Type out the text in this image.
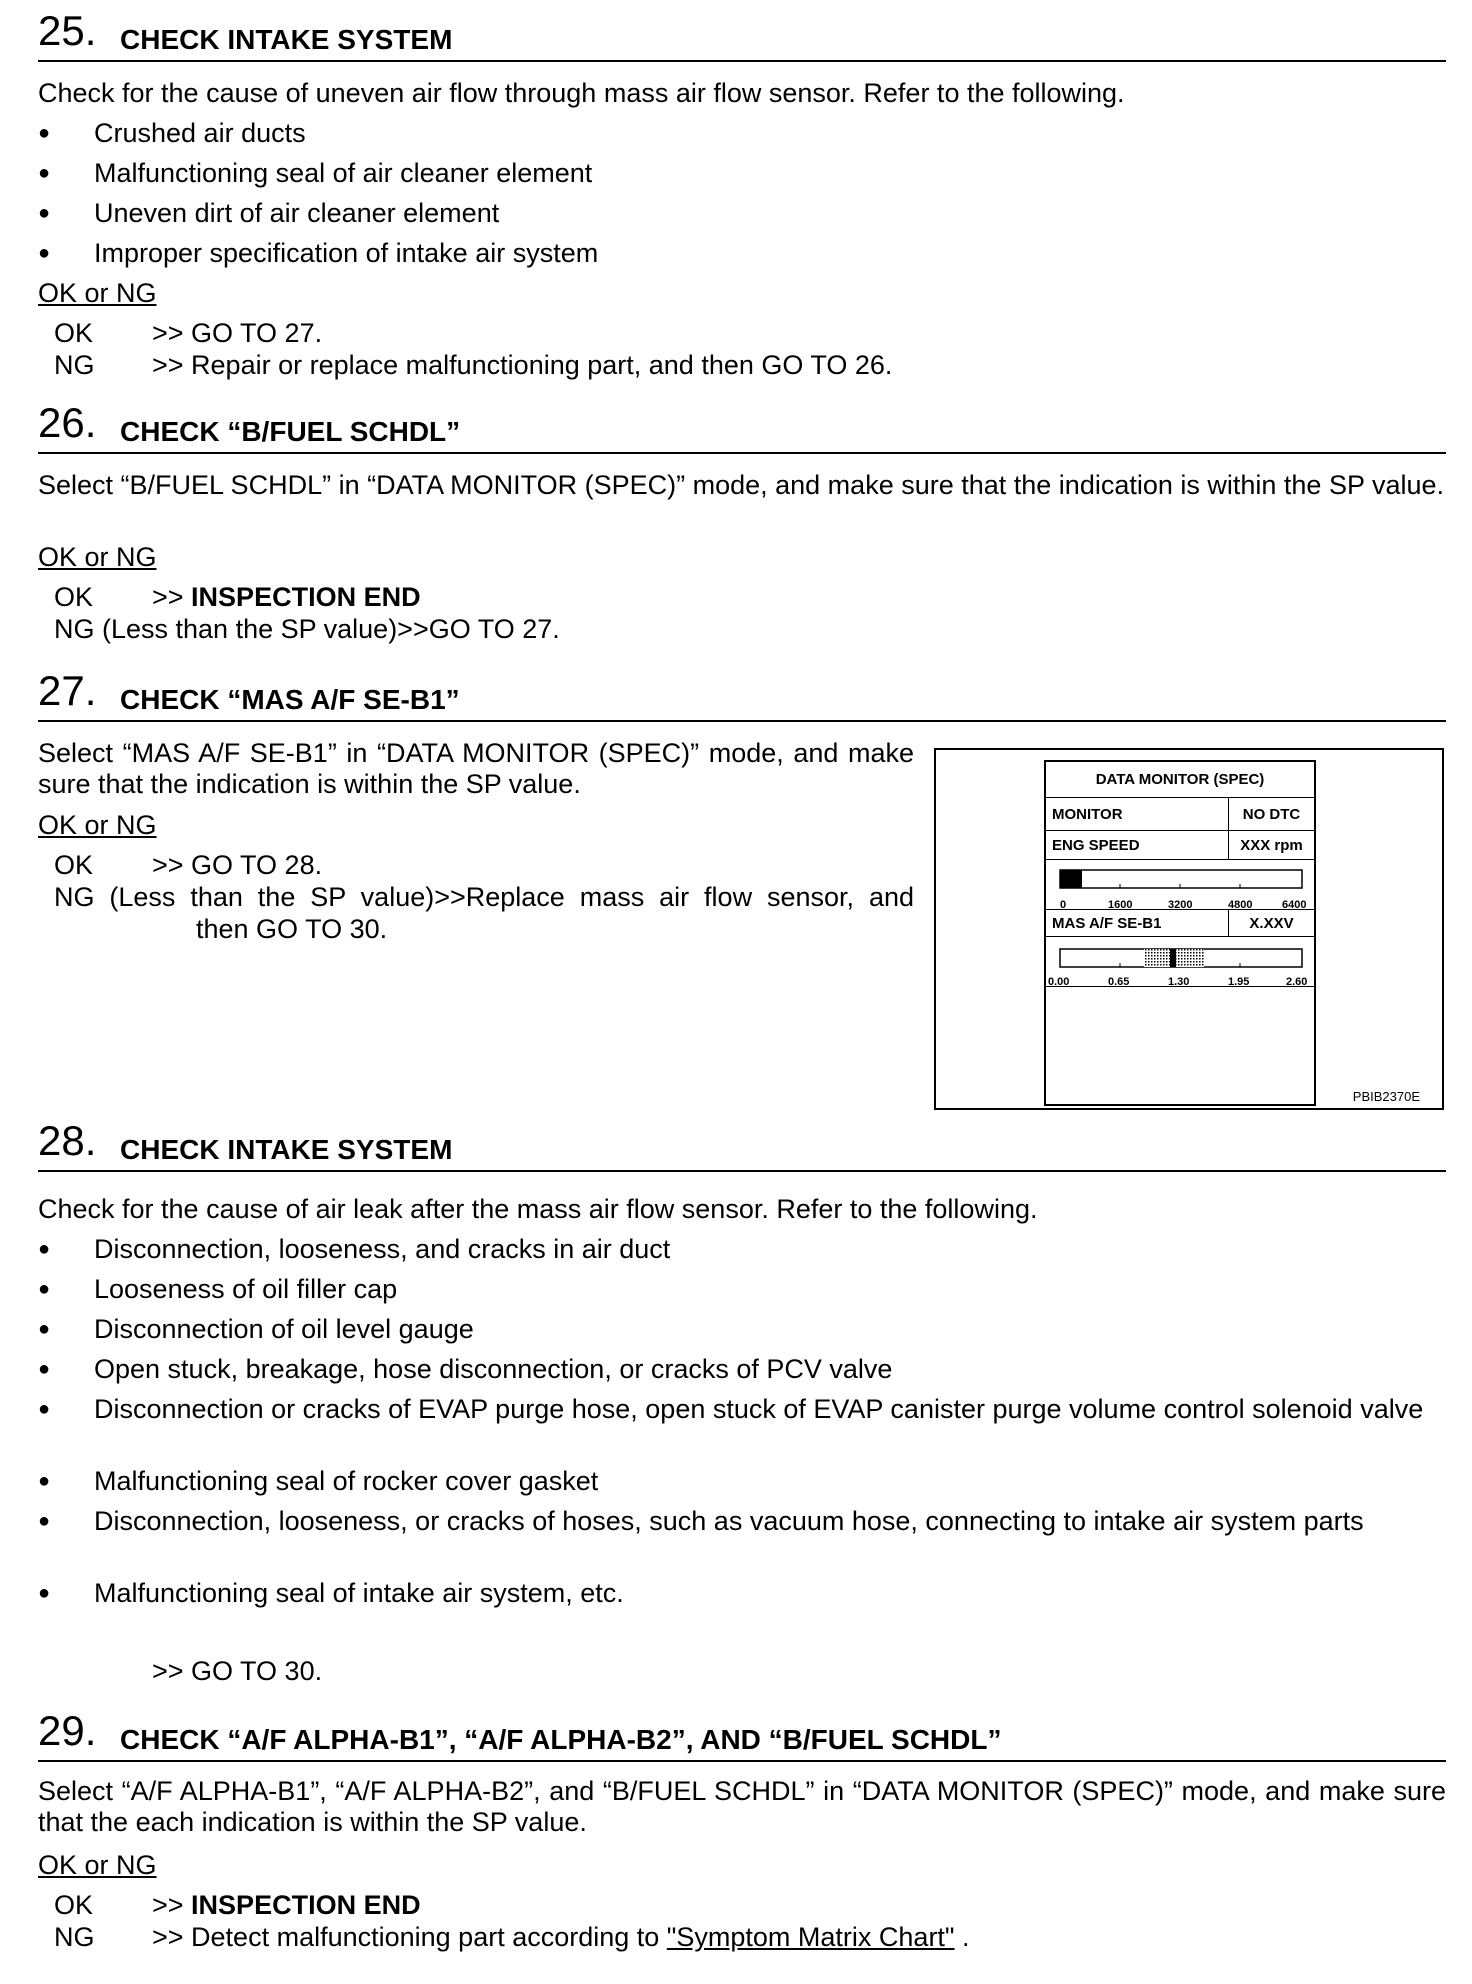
25. CHECK INTAKE SYSTEM
Check for the cause of uneven air flow through mass air flow sensor. Refer to the following.
● Crushed air ducts
● Malfunctioning seal of air cleaner element
● Uneven dirt of air cleaner element
● Improper specification of intake air system
OK or NG
OK >> GO TO 27.
NG >> Repair or replace malfunctioning part, and then GO TO 26.
26. CHECK “B/FUEL SCHDL”
Select “B/FUEL SCHDL” in “DATA MONITOR (SPEC)” mode, and make sure that the indication is within the SP value.
OK or NG
OK >> INSPECTION END
NG (Less than the SP value)>>GO TO 27.
27. CHECK “MAS A/F SE-B1”
Select “MAS A/F SE-B1” in “DATA MONITOR (SPEC)” mode, and make sure that the indication is within the SP value.
OK or NG
OK >> GO TO 28.
NG (Less than the SP value)>>Replace mass air flow sensor, and
then GO TO 30.
DATA MONITOR (SPEC)
MONITOR	NO DTC
ENG SPEED	XXX rpm
0	1600	3200	4800	6400
MAS A/F SE-B1	X.XXV
0.00	0.65	1.30	1.95	2.60
PBIB2370E
28. CHECK INTAKE SYSTEM
Check for the cause of air leak after the mass air flow sensor. Refer to the following.
● Disconnection, looseness, and cracks in air duct
● Looseness of oil filler cap
● Disconnection of oil level gauge
● Open stuck, breakage, hose disconnection, or cracks of PCV valve
● Disconnection or cracks of EVAP purge hose, open stuck of EVAP canister purge volume control solenoid valve
● Malfunctioning seal of rocker cover gasket
● Disconnection, looseness, or cracks of hoses, such as vacuum hose, connecting to intake air system parts
● Malfunctioning seal of intake air system, etc.
>> GO TO 30.
29. CHECK “A/F ALPHA-B1”, “A/F ALPHA-B2”, AND “B/FUEL SCHDL”
Select “A/F ALPHA-B1”, “A/F ALPHA-B2”, and “B/FUEL SCHDL” in “DATA MONITOR (SPEC)” mode, and make sure that the each indication is within the SP value.
OK or NG
OK >> INSPECTION END
NG >> Detect malfunctioning part according to "Symptom Matrix Chart" .
